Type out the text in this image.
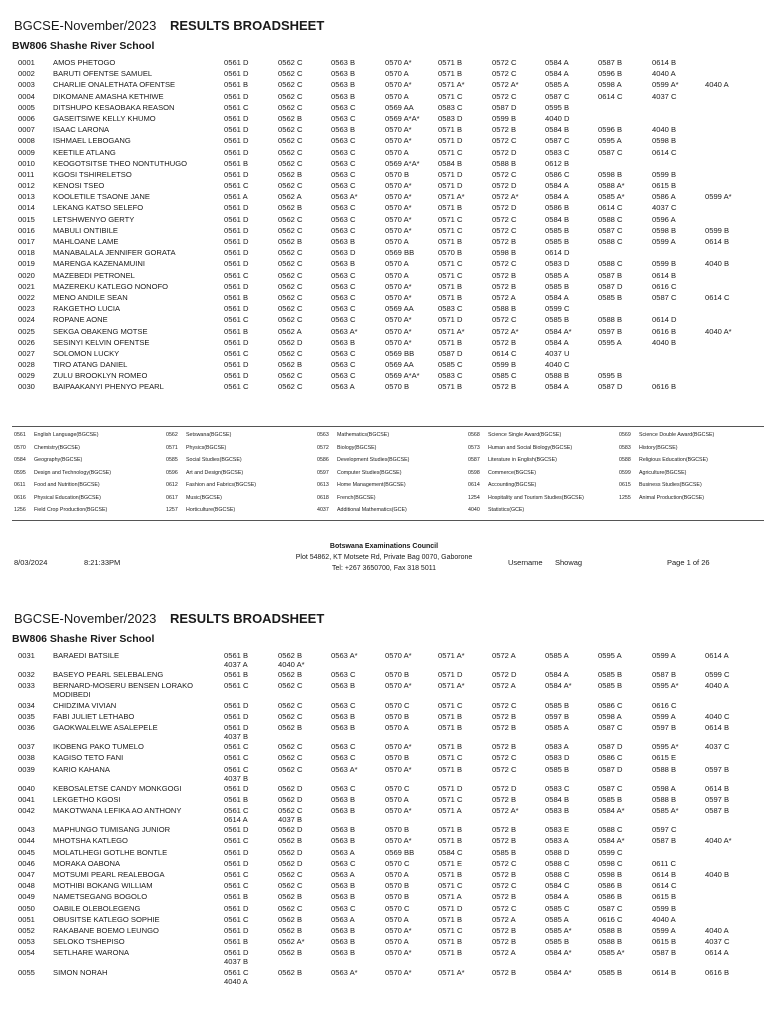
BGCSE-November/2023 RESULTS BROADSHEET
BW806 Shashe River School
0001 AMOS PHETOGO	0561 D	0562 C	0563 B	0570 A*	0571 B	0572 C	0584 A	0587 B	0614 B
0002 BARUTI OFENTSE SAMUEL	0561 D	0562 C	0563 B	0570 A	0571 B	0572 C	0584 A	0596 B	4040 A
0003 CHARLIE ONALETHATA OFENTSE	0561 B	0562 C	0563 B	0570 A*	0571 A*	0572 A*	0585 A	0598 A	0599 A*	4040 A
0004 DIKOMANE AMASHA KETHIWE	0561 D	0562 C	0563 B	0570 A	0571 C	0572 C	0587 C	0614 C	4037 C
0005 DITSHUPO KESAOBAKA REASON	0561 C	0562 C	0563 C	0569 AA	0583 C	0587 D	0595 B
0006 GASEITSIWE KELLY KHUMO	0561 D	0562 B	0563 C	0569 A*A* 0583 D	0599 B	4040 D
0007 ISAAC LARONA	0561 D	0562 C	0563 B	0570 A*	0571 B	0572 B	0584 B	0596 B	4040 B
0008 ISHMAEL LEBOGANG	0561 D	0562 C	0563 C	0570 A*	0571 D	0572 C	0587 C	0595 A	0598 B
0009 KEETILE ATLANG	0561 D	0562 C	0563 C	0570 A	0571 C	0572 D	0583 C	0587 C	0614 C
0010 KEOGOTSITSE THEO NONTUTHUGO	0561 B	0562 C	0563 C	0569 A*A* 0584 B	0588 B	0612 B
0011 KGOSI TSHIRELETSO	0561 D	0562 B	0563 C	0570 B	0571 D	0572 C	0586 C	0598 B	0599 B
0012 KENOSI TSEO	0561 C	0562 C	0563 C	0570 A*	0571 D	0572 D	0584 A	0588 A*	0615 B
0013 KOOLETILE TSAONE JANE	0561 A	0562 A	0563 A*	0570 A*	0571 A*	0572 A*	0584 A	0585 A*	0586 A	0599 A*
0014 LEKANG KATSO SELEFO	0561 D	0562 B	0563 C	0570 A*	0571 B	0572 D	0586 B	0614 C	4037 C
0015 LETSHWENYO GERTY	0561 D	0562 C	0563 C	0570 A*	0571 C	0572 C	0584 B	0588 C	0596 A
0016 MABULI ONTIBILE	0561 D	0562 C	0563 C	0570 A*	0571 C	0572 C	0585 B	0587 C	0598 B	0599 B
0017 MAHLOANE LAME	0561 D	0562 B	0563 B	0570 A	0571 B	0572 B	0585 B	0588 C	0599 A	0614 B
0018 MANABALALA JENNIFER GORATA	0561 D	0562 C	0563 D	0569 BB	0570 B	0598 B	0614 D
0019 MARENGA KAZENAMUINI	0561 D	0562 C	0563 B	0570 A	0571 C	0572 C	0583 D	0588 C	0599 B	4040 B
0020 MAZEBEDI PETRONEL	0561 C	0562 C	0563 C	0570 A	0571 C	0572 B	0585 A	0587 B	0614 B
0021 MAZEREKU KATLEGO NONOFO	0561 D	0562 C	0563 C	0570 A*	0571 B	0572 B	0585 B	0587 D	0616 C
0022 MENO ANDILE SEAN	0561 B	0562 C	0563 C	0570 A*	0571 B	0572 A	0584 A	0585 B	0587 C	0614 C
0023 RAKGETHO LUCIA	0561 D	0562 C	0563 C	0569 AA	0583 C	0588 B	0599 C
0024 ROPANE AONE	0561 C	0562 C	0563 C	0570 A*	0571 D	0572 C	0585 B	0588 B	0614 D
0025 SEKGA OBAKENG MOTSE	0561 B	0562 A	0563 A*	0570 A*	0571 A*	0572 A*	0584 A*	0597 B	0616 B	4040 A*
0026 SESINYI KELVIN OFENTSE	0561 D	0562 D	0563 B	0570 A*	0571 B	0572 B	0584 A	0595 A	4040 B
0027 SOLOMON LUCKY	0561 C	0562 C	0563 C	0569 BB	0587 D	0614 C	4037 U
0028 TIRO ATANG DANIEL	0561 D	0562 B	0563 C	0569 AA	0585 C	0599 B	4040 C
0029 ZULU BROOKLYN ROMEO	0561 D	0562 C	0563 C	0569 A*A* 0583 C	0585 C	0588 B	0595 B
0030 BAIPAAKANYI PHENYO PEARL	0561 C	0562 C	0563 A	0570 B	0571 B	0572 B	0584 A	0587 D	0616 B
0561 English Language(BGCSE)	0562 Setswana(BGCSE)	0563 Mathematics(BGCSE)	0568 Science Single Award(BGCSE)	0569 Science Double Award(BGCSE)
0570 Chemistry(BGCSE)	0571 Physics(BGCSE)	0572 Biology(BGCSE)	0573 Human and Social Biology(BGCSE)	0583 History(BGCSE)
0584 Geography(BGCSE)	0585 Social Studies(BGCSE)	0586 Development Studies(BGCSE)	0587 Literature in English(BGCSE)	0588 Religious Education(BGCSE)
0595 Design and Technology(BGCSE)	0596 Art and Design(BGCSE)	0597 Computer Studies(BGCSE)	0598 Commerce(BGCSE)	0599 Agriculture(BGCSE)
0611 Food and Nutrition(BGCSE)	0612 Fashion and Fabrics(BGCSE)	0613 Home Management(BGCSE)	0614 Accounting(BGCSE)	0615 Business Studies(BGCSE)
0616 Physical Education(BGCSE)	0617 Music(BGCSE)	0618 French(BGCSE)	1254 Hospitality and Tourism Studies(BGCSE)	1255 Animal Production(BGCSE)
1256 Field Crop Production(BGCSE)	1257 Horticulture(BGCSE)	4037 Additional Mathematics(GCE)	4040 Statistics(GCE)
Botswana Examinations Council
Plot 54862, KT Motsete Rd, Private Bag 0070, Gaborone
Tel: +267 3650700, Fax 318 5011
8/03/2024	8:21:33PM	Username Showag	Page 1 of 26
BGCSE-November/2023 RESULTS BROADSHEET
BW806 Shashe River School
0031 BARAEDI BATSILE	0561 B	0562 B	0563 A*	0570 A*	0571 A*	0572 A	0585 A	0595 A	0599 A	0614 A
4037 A	4040 A*
0032 BASEYO PEARL SELEBALENG	0561 B	0562 B	0563 C	0570 B	0571 D	0572 D	0584 A	0585 B	0587 B	0599 C
0033 BERNARD-MOSERU BENSEN LORAKO
MODIBEDI
0561 C	0562 C	0563 B	0570 A*	0571 A*	0572 A	0584 A*	0585 B	0595 A*	4040 A
0034 CHIDZIMA VIVIAN	0561 D	0562 C	0563 C	0570 C	0571 C	0572 C	0585 B	0586 C	0616 C
0035 FABI JULIET LETHABO	0561 D	0562 C	0563 B	0570 B	0571 B	0572 B	0597 B	0598 A	0599 A	4040 C
0036 GAOKWALELWE ASALEPELE	0561 D	0562 B	0563 B	0570 A	0571 B	0572 B	0585 A	0587 C	0597 B	0614 B
4037 B
0037 IKOBENG PAKO TUMELO	0561 C	0562 C	0563 C	0570 A*	0571 B	0572 B	0583 A	0587 D	0595 A*	4037 C
0038 KAGISO TETO FANI	0561 C	0562 C	0563 C	0570 B	0571 C	0572 C	0583 D	0586 C	0615 E
0039 KARIO KAHANA	0561 C	0562 C	0563 A*	0570 A*	0571 B	0572 C	0585 B	0587 D	0588 B	0597 B
4037 B
0040 KEBOSALETSE CANDY MONKGOGI	0561 D	0562 D	0563 C	0570 C	0571 D	0572 D	0583 C	0587 C	0598 A	0614 B
0041 LEKGETHO KGOSI	0561 B	0562 D	0563 B	0570 A	0571 C	0572 B	0584 B	0585 B	0588 B	0597 B
0042 MAKOTWANA LEFIKA AO ANTHONY	0561 C	0562 C	0563 B	0570 A*	0571 A	0572 A*	0583 B	0584 A*	0585 A*	0587 B
0614 A	4037 B
0043 MAPHUNGO TUMISANG JUNIOR	0561 D	0562 D	0563 B	0570 B	0571 B	0572 B	0583 E	0588 C	0597 C
0044 MHOTSHA KATLEGO	0561 C	0562 B	0563 B	0570 A*	0571 B	0572 B	0583 A	0584 A*	0587 B	4040 A*
0045 MOLATLHEGI GOTLHE BONTLE	0561 D	0562 D	0563 A	0569 BB	0584 C	0585 B	0588 D	0599 C
0046 MORAKA OABONA	0561 D	0562 D	0563 C	0570 C	0571 E	0572 C	0588 C	0598 C	0611 C
0047 MOTSUMI PEARL REALEBOGA	0561 C	0562 C	0563 A	0570 A	0571 B	0572 B	0588 C	0598 B	0614 B	4040 B
0048 MOTHIBI BOKANG WILLIAM	0561 C	0562 C	0563 B	0570 B	0571 C	0572 C	0584 C	0586 B	0614 C
0049 NAMETSEGANG BOGOLO	0561 B	0562 B	0563 B	0570 B	0571 A	0572 B	0584 A	0586 B	0615 B
0050 OABILE OLEBOLEGENG	0561 D	0562 C	0563 C	0570 C	0571 D	0572 C	0585 C	0587 C	0599 B
0051 OBUSITSE KATLEGO SOPHIE	0561 C	0562 B	0563 A	0570 A	0571 B	0572 A	0585 A	0616 C	4040 A
0052 RAKABANE BOEMO LEUNGO	0561 D	0562 B	0563 B	0570 A*	0571 C	0572 B	0585 A*	0588 B	0599 A	4040 A
0053 SELOKO TSHEPISO	0561 B	0562 A*	0563 B	0570 A	0571 B	0572 B	0585 B	0588 B	0615 B	4037 C
0054 SETLHARE WARONA	0561 D	0562 B	0563 B	0570 A*	0571 B	0572 A	0584 A*	0585 A*	0587 B	0614 A
4037 B
0055 SIMON NORAH	0561 C	0562 B	0563 A*	0570 A*	0571 A*	0572 B	0584 A*	0585 B	0614 B	0616 B
4040 A
